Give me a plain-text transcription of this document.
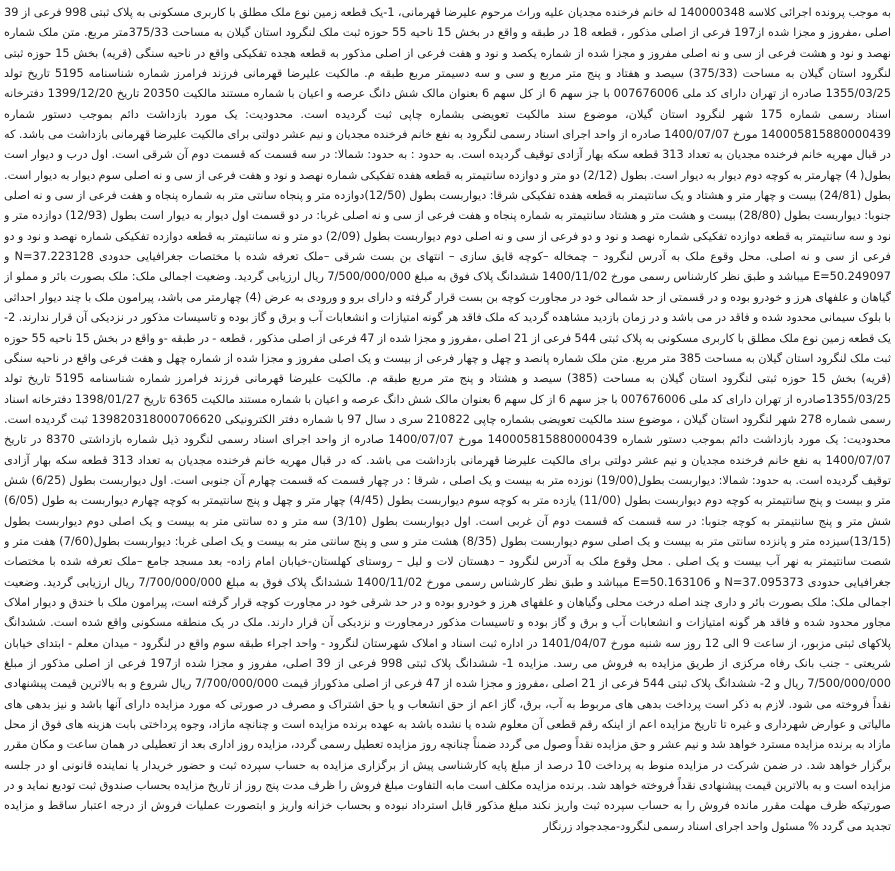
به موجب پرونده اجرائی کلاسه 140000348 له خانم فرخنده مجدیان علیه وراث مرحوم علیرضا قهرمانی، 1-یک قطعه زمین نوع ملک مطلق با کاربری مسکونی به پلاک ثبتی 998 فرعی از 39 اصلی ،مفروز و مجزا شده از197 فرعی از اصلی مذکور ، قطعه 18 در طبقه و واقع در بخش 15 ناحیه 55 حوزه ثبت ملک لنگرود استان گیلان به مساحت 375/33متر مربع. متن ملک شماره نهصد و نود و هشت فرعی از سی و نه اصلی مفروز و مجزا شده از شماره یکصد و نود و هفت فرعی از اصلی مذکور به قطعه هجده تفکیکی واقع در ناحیه سنگی (قریه) بخش 15 حوزه ثبتی لنگرود استان گیلان به مساحت (375/33) سیصد و هفتاد و پنج متر مربع و سی و سه دسیمتر مربع طبقه م. مالکیت علیرضا قهرمانی فرزند فرامرز شماره شناسنامه 5195 تاریخ تولد 1355/03/25 صادره از تهران دارای کد ملی 007676006 با جز سهم 6 از کل سهم 6 بعنوان مالک شش دانگ عرصه و اعیان با شماره مستند مالکیت 20350 تاریخ 1399/12/20 دفترخانه اسناد رسمی شماره 175 شهر لنگرود استان گیلان، موضوع سند مالکیت تعویضی بشماره چاپی ثبت گردیده است. محدودیت: یک مورد بازداشت دائم بموجب دستور شماره 140005815880000439 مورخ 1400/07/07 صادره از واحد اجرای اسناد رسمی لنگرود به نفع خانم فرخنده مجدیان و نیم عشر دولتی برای مالکیت علیرضا قهرمانی بازداشت می باشد. که در قبال مهریه خانم فرخنده مجدیان به تعداد 313 قطعه سکه بهار آزادی توقیف گردیده است. به حدود : به حدود: شمالا: در سه قسمت که قسمت دوم آن شرقی است. اول درب و دیوار است بطول( 4) چهارمتر به کوچه دوم دیوار به دیوار است. بطول (2/12) دو متر و دوازده سانتیمتر به قطعه هفده تفکیکی شماره نهصد و نود و هفت فرعی از سی و نه اصلی سوم دیوار به دیوار است. بطول (24/81) بیست و چهار متر و هشتاد و یک سانتیمتر به قطعه هفده تفکیکی شرقا: دیواربست بطول (12/50)دوازده متر و پنجاه سانتی متر به شماره پنجاه و هفت فرعی از سی و نه اصلی جنوبا: دیواربست بطول (28/80) بیست و هشت متر و هشتاد سانتیمتر به شماره پنجاه و هفت فرعی از سی و نه اصلی غربا: در دو قسمت اول دیوار به دیوار است بطول (12/93) دوازده متر و نود و سه سانتیمتر به قطعه دوازده تفکیکی شماره نهصد و نود و دو فرعی از سی و نه اصلی دوم دیواربست بطول (2/09) دو متر و نه سانتیمتر به قطعه دوازده تفکیکی شماره نهصد و نود و دو فرعی از سی و نه اصلی. محل وقوع ملک به آدرس لنگرود – چمخاله –کوچه قایق سازی – انتهای بن بست شرقی –ملک تعرفه شده با مختصات جغرافیایی حدودی N=37.223128 و E=50.249097 میباشد و طبق نظر کارشناس رسمی مورخ 1400/11/02 ششدانگ پلاک فوق به مبلغ 7/500/000/000 ریال ارزیابی گردید. وضعیت اجمالی ملک: ملک بصورت بائر و مملو از گیاهان و علفهای هرز و خودرو بوده و در قسمتی از حد شمالی خود در مجاورت کوچه بن بست قرار گرفته و دارای برو و ورودی به عرض (4) چهارمتر می باشد، پیرامون ملک با چند دیوار احداثی با بلوک سیمانی محدود شده و فاقد در می باشد و در زمان بازدید مشاهده گردید که ملک فاقد هر گونه امتیازات و انشعابات آب و برق و گاز بوده و تاسیسات مذکور در نزدیکی آن قرار ندارند. 2-یک قطعه زمین نوع ملک مطلق با کاربری مسکونی به پلاک ثبتی 544 فرعی از 21 اصلی ،مفروز و مجزا شده از 47 فرعی از اصلی مذکور ، قطعه - در طبقه -و واقع در بخش 15 ناحیه 55 حوزه ثبت ملک لنگرود استان گیلان به مساحت 385 متر مربع. متن ملک شماره پانصد و چهل و چهار فرعی از بیست و یک اصلی مفروز و مجزا شده از شماره چهل و هفت فرعی واقع در ناحیه سنگی (قریه) بخش 15 حوزه ثبتی لنگرود استان گیلان به مساحت (385) سیصد و هشتاد و پنج متر مربع طبقه م. مالکیت علیرضا قهرمانی فرزند فرامرز شماره شناسنامه 5195 تاریخ تولد 1355/03/25صادره از تهران دارای کد ملی 007676006 با جز سهم 6 از کل سهم 6 بعنوان مالک شش دانگ عرصه و اعیان با شماره مستند مالکیت 6365 تاریخ 1398/01/27 دفترخانه اسناد رسمی شماره 278 شهر لنگرود استان گیلان ، موضوع سند مالکیت تعویضی بشماره چاپی 210822 سری د سال 97 با شماره دفتر الکترونیکی 139820318000706620 ثبت گردیده است. محدودیت: یک مورد بازداشت دائم بموجب دستور شماره 140005815880000439 مورخ 1400/07/07 صادره از واحد اجرای اسناد رسمی لنگرود ذیل شماره بازداشتی 8370 در تاریخ 1400/07/07 به نفع خانم فرخنده مجدیان و نیم عشر دولتی برای مالکیت علیرضا قهرمانی بازداشت می باشد. که در قبال مهریه خانم فرخنده مجدیان به تعداد 313 قطعه سکه بهار آزادی توقیف گردیده است. به حدود: شمالا: دیواربست بطول(19/00) نوزده متر به بیست و یک اصلی ، شرقا : در چهار قسمت که قسمت چهارم آن جنوبی است. اول دیواربست بطول (6/25) شش متر و بیست و پنج سانتیمتر به کوچه دوم دیواربست بطول (11/00) یازده متر به کوچه سوم دیواربست بطول (4/45) چهار متر و چهل و پنج سانتیمتر به کوچه چهارم دیواربست به طول (6/05) شش متر و پنج سانتیمتر به کوچه جنوبا: در سه قسمت که قسمت دوم آن غربی است. اول دیواربست بطول (3/10) سه متر و ده سانتی متر به بیست و یک اصلی دوم دیواربست بطول (13/15)سیزده متر و پانزده سانتی متر به بیست و یک اصلی سوم دیواربست بطول (8/35) هشت متر و سی و پنج سانتی متر به بیست و یک اصلی غربا: دیواربست بطول(7/60) هفت متر و شصت سانتیمتر به نهر آب بیست و یک اصلی . محل وقوع ملک به آدرس لنگرود – دهستان لات و لیل – روستای کهلستان-خیابان امام زاده- بعد مسجد جامع –ملک تعرفه شده با مختصات جغرافیایی حدودی N=37.095373 و E=50.163106 میباشد و طبق نظر کارشناس رسمی مورخ 1400/11/02 ششدانگ پلاک فوق به مبلغ 7/700/000/000 ریال ارزیابی گردید. وضعیت اجمالی ملک: ملک بصورت بائر و داری چند اصله درخت محلی وگیاهان و علفهای هرز و خودرو بوده و در حد شرقی خود در مجاورت کوچه قرار گرفته است، پیرامون ملک با خندق و دیوار املاک مجاور محدود شده و فاقد هر گونه امتیازات و انشعابات آب و برق و گاز بوده و تاسیسات مذکور درمجاورت و نزدیکی آن قرار دارند. ملک در یک منطقه مسکونی واقع شده است. ششدانگ پلاکهای ثبتی مزبور، از ساعت 9 الی 12 روز سه شنبه مورخ 1401/04/07 در اداره ثبت اسناد و املاک شهرستان لنگرود - واحد اجراء طبقه سوم واقع در لنگرود - میدان معلم - ابتدای خیابان شریعتی - جنب بانک رفاه مرکزی از طریق مزایده به فروش می رسد. مزایده 1- ششدانگ پلاک ثبتی 998 فرعی از 39 اصلی، مفروز و مجزا شده از197 فرعی از اصلی مذکور از مبلغ 7/500/000/000 ریال و 2- ششدانگ پلاک ثبتی 544 فرعی از 21 اصلی ،مفروز و مجزا شده از 47 فرعی از اصلی مذکوراز قیمت 7/700/000/000 ریال شروع و به بالاترین قیمت پیشنهادی نقداً فروخته می شود. لازم به ذکر است پرداخت بدهی های مربوط به آب، برق، گاز اعم از حق انشعاب و یا حق اشتراک و مصرف در صورتی که مورد مزایده دارای آنها باشد و نیز بدهی های مالیاتی و عوارض شهرداری و غیره تا تاریخ مزایده اعم از اینکه رقم قطعی آن معلوم شده یا نشده باشد به عهده برنده مزایده است و چنانچه مازاد، وجوه پرداختی بابت هزینه های فوق از محل مازاد به برنده مزایده مسترد خواهد شد و نیم عشر و حق مزایده نقداً وصول می گردد ضمناً چنانچه روز مزایده تعطیل رسمی گردد، مزایده روز اداری بعد از تعطیلی در همان ساعت و مکان مقرر برگزار خواهد شد. در ضمن شرکت در مزایده منوط به پرداخت 10 درصد از مبلغ پایه کارشناسی پیش از برگزاری مزایده به حساب سپرده ثبت و حضور خریدار یا نماینده قانونی او در جلسه مزایده است و به بالاترین قیمت پیشنهادی نقداً فروخته خواهد شد. برنده مزایده مکلف است مابه التفاوت مبلغ فروش را ظرف مدت پنج روز از تاریخ مزایده بحساب صندوق ثبت تودیع نماید و در صورتیکه ظرف مهلت مقرر مانده فروش را به حساب سپرده ثبت واریز نکند مبلغ مذکور قابل استرداد نبوده و بحساب خزانه واریز و ابتصورت عملیات فروش از درجه اعتبار ساقط و مزایده تجدید می گردد % مسئول واحد اجرای اسناد رسمی لنگرود-مجدجواد زرنگار
